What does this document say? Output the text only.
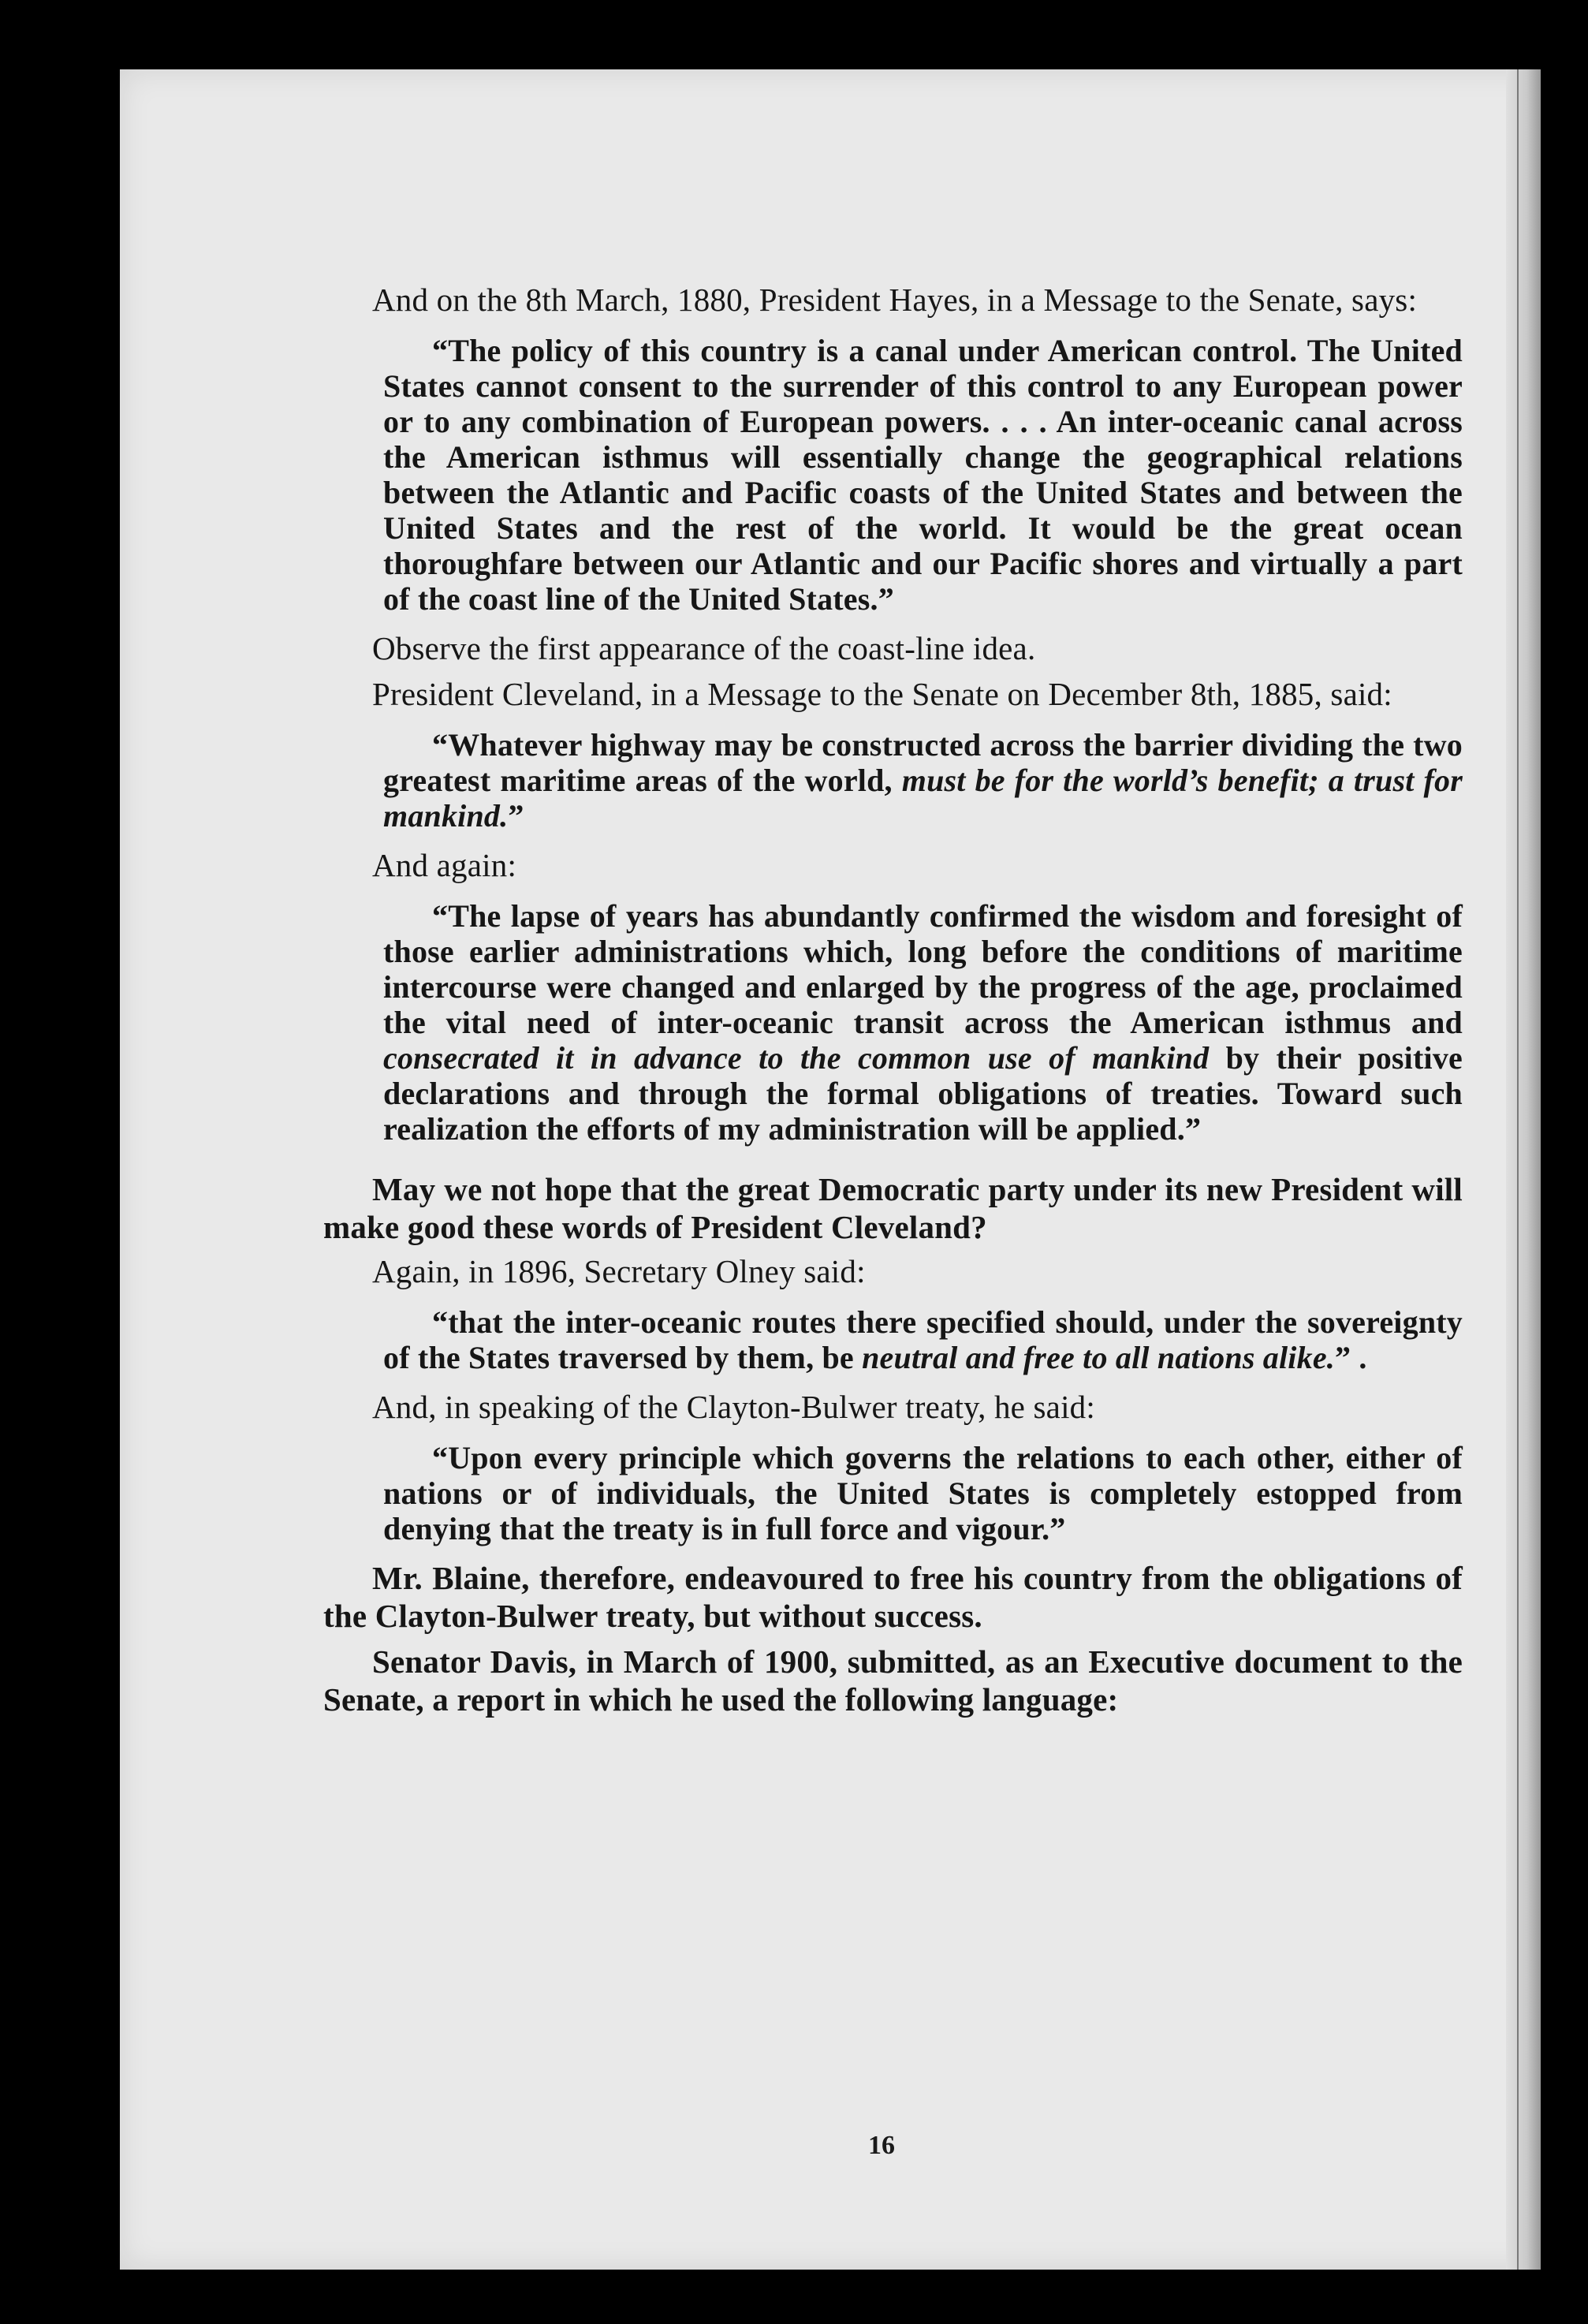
And on the 8th March, 1880, President Hayes, in a Message to the Senate, says:

“The policy of this country is a canal under American control. The United States cannot consent to the surrender of this control to any European power or to any combination of European powers. . . . An inter-oceanic canal across the American isthmus will essentially change the geographical relations between the Atlantic and Pacific coasts of the United States and between the United States and the rest of the world. It would be the great ocean thoroughfare between our Atlantic and our Pacific shores and virtually a part of the coast line of the United States.”

Observe the first appearance of the coast-line idea.

President Cleveland, in a Message to the Senate on December 8th, 1885, said:

“Whatever highway may be constructed across the barrier dividing the two greatest maritime areas of the world, must be for the world’s benefit; a trust for mankind.”

And again:

“The lapse of years has abundantly confirmed the wisdom and foresight of those earlier administrations which, long before the conditions of maritime intercourse were changed and enlarged by the progress of the age, proclaimed the vital need of inter-oceanic transit across the American isthmus and consecrated it in advance to the common use of mankind by their positive declarations and through the formal obligations of treaties. Toward such realization the efforts of my administration will be applied.”

May we not hope that the great Democratic party under its new President will make good these words of President Cleveland?

Again, in 1896, Secretary Olney said:

“that the inter-oceanic routes there specified should, under the sovereignty of the States traversed by them, be neutral and free to all nations alike.” .

And, in speaking of the Clayton-Bulwer treaty, he said:

“Upon every principle which governs the relations to each other, either of nations or of individuals, the United States is completely estopped from denying that the treaty is in full force and vigour.”

Mr. Blaine, therefore, endeavoured to free his country from the obligations of the Clayton-Bulwer treaty, but without success.

Senator Davis, in March of 1900, submitted, as an Executive document to the Senate, a report in which he used the following language:

16
